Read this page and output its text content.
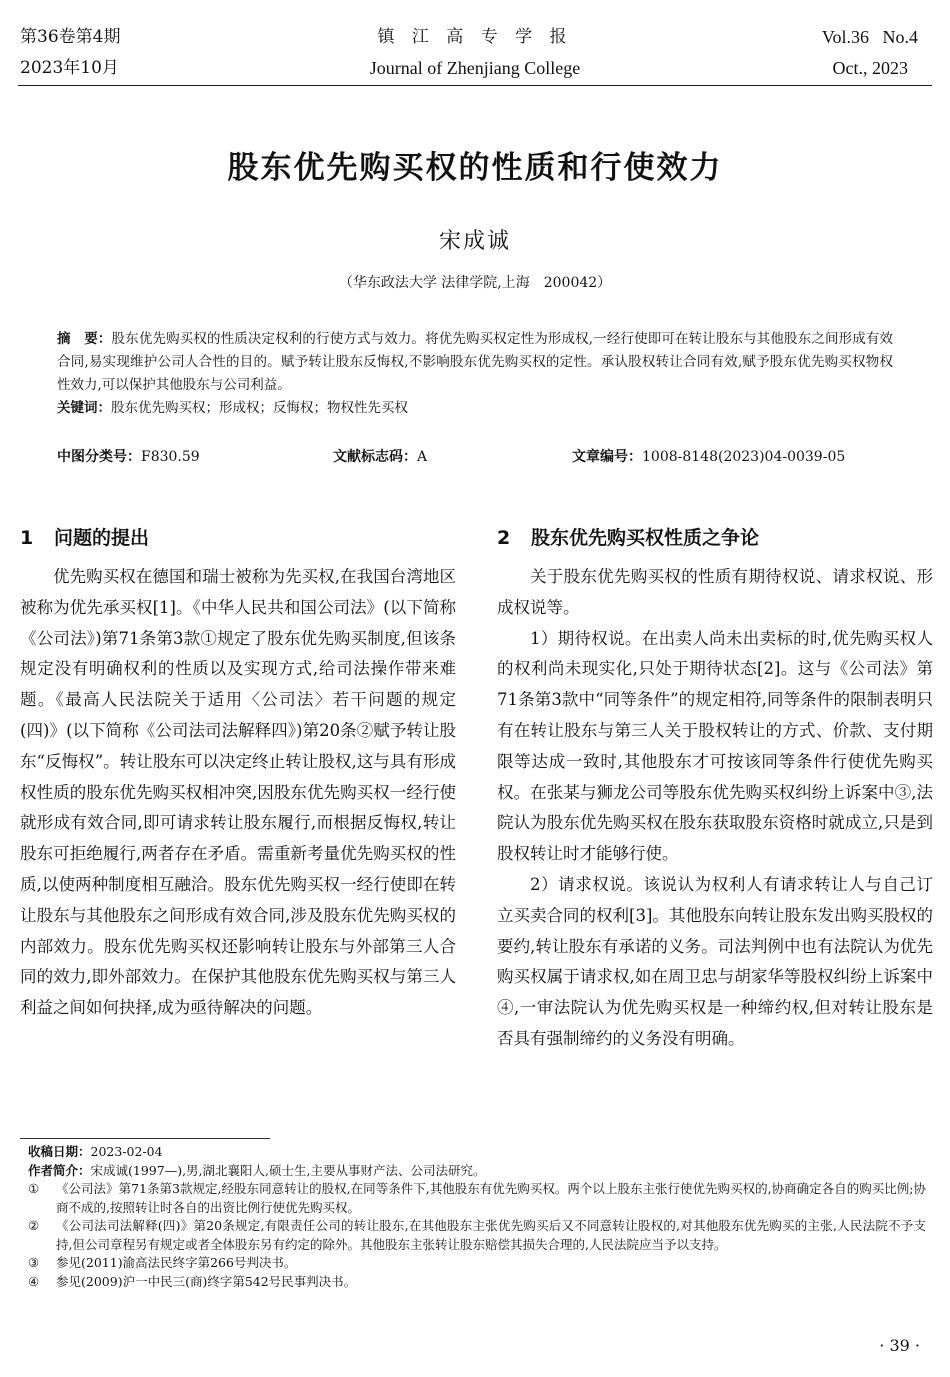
第36卷第4期
2023年10月
镇 江 高 专 学 报
Journal of Zhenjiang College
Vol.36   No.4
Oct., 2023
股东优先购买权的性质和行使效力
宋成诚
（华东政法大学 法律学院,上海　200042）
摘　要：股东优先购买权的性质决定权利的行使方式与效力。将优先购买权定性为形成权,一经行使即可在转让股东与其他股东之间形成有效合同,易实现维护公司人合性的目的。赋予转让股东反悔权,不影响股东优先购买权的定性。承认股权转让合同有效,赋予股东优先购买权物权性效力,可以保护其他股东与公司利益。
关键词：股东优先购买权；形成权；反悔权；物权性先买权
中图分类号：F830.59	文献标志码：A	文章编号：1008-8148(2023)04-0039-05
1 问题的提出

优先购买权在德国和瑞士被称为先买权,在我国台湾地区被称为优先承买权[1]。《中华人民共和国公司法》(以下简称《公司法》)第71条第3款①规定了股东优先购买制度,但该条规定没有明确权利的性质以及实现方式,给司法操作带来难题。《最高人民法院关于适用〈公司法〉若干问题的规定(四)》(以下简称《公司法司法解释四》)第20条②赋予转让股东“反悔权”。转让股东可以决定终止转让股权,这与具有形成权性质的股东优先购买权相冲突,因股东优先购买权一经行使就形成有效合同,即可请求转让股东履行,而根据反悔权,转让股东可拒绝履行,两者存在矛盾。需重新考量优先购买权的性质,以使两种制度相互融洽。股东优先购买权一经行使即在转让股东与其他股东之间形成有效合同,涉及股东优先购买权的内部效力。股东优先购买权还影响转让股东与外部第三人合同的效力,即外部效力。在保护其他股东优先购买权与第三人利益之间如何抉择,成为亟待解决的问题。

2 股东优先购买权性质之争论

关于股东优先购买权的性质有期待权说、请求权说、形成权说等。

1）期待权说。在出卖人尚未出卖标的时,优先购买权人的权利尚未现实化,只处于期待状态[2]。这与《公司法》第71条第3款中“同等条件”的规定相符,同等条件的限制表明只有在转让股东与第三人关于股权转让的方式、价款、支付期限等达成一致时,其他股东才可按该同等条件行使优先购买权。在张某与狮龙公司等股东优先购买权纠纷上诉案中③,法院认为股东优先购买权在股东获取股东资格时就成立,只是到股权转让时才能够行使。

2）请求权说。该说认为权利人有请求转让人与自己订立买卖合同的权利[3]。其他股东向转让股东发出购买股权的要约,转让股东有承诺的义务。司法判例中也有法院认为优先购买权属于请求权,如在周卫忠与胡家华等股权纠纷上诉案中④,一审法院认为优先购买权是一种缔约权,但对转让股东是否具有强制缔约的义务没有明确。

收稿日期： 2023-02-04

作者简介： 宋成诚(1997—),男,湖北襄阳人,硕士生,主要从事财产法、公司法研究。

①	《公司法》第71条第3款规定,经股东同意转让的股权,在同等条件下,其他股东有优先购买权。两个以上股东主张行使优先购买权的,协商确定各自的购买比例;协商不成的,按照转让时各自的出资比例行使优先购买权。

②	《公司法司法解释(四)》第20条规定,有限责任公司的转让股东,在其他股东主张优先购买后又不同意转让股权的,对其他股东优先购买的主张,人民法院不予支持,但公司章程另有规定或者全体股东另有约定的除外。其他股东主张转让股东赔偿其损失合理的,人民法院应当予以支持。

③	参见(2011)渝高法民终字第266号判决书。

④	参见(2009)沪一中民三(商)终字第542号民事判决书。

· 39 ·
